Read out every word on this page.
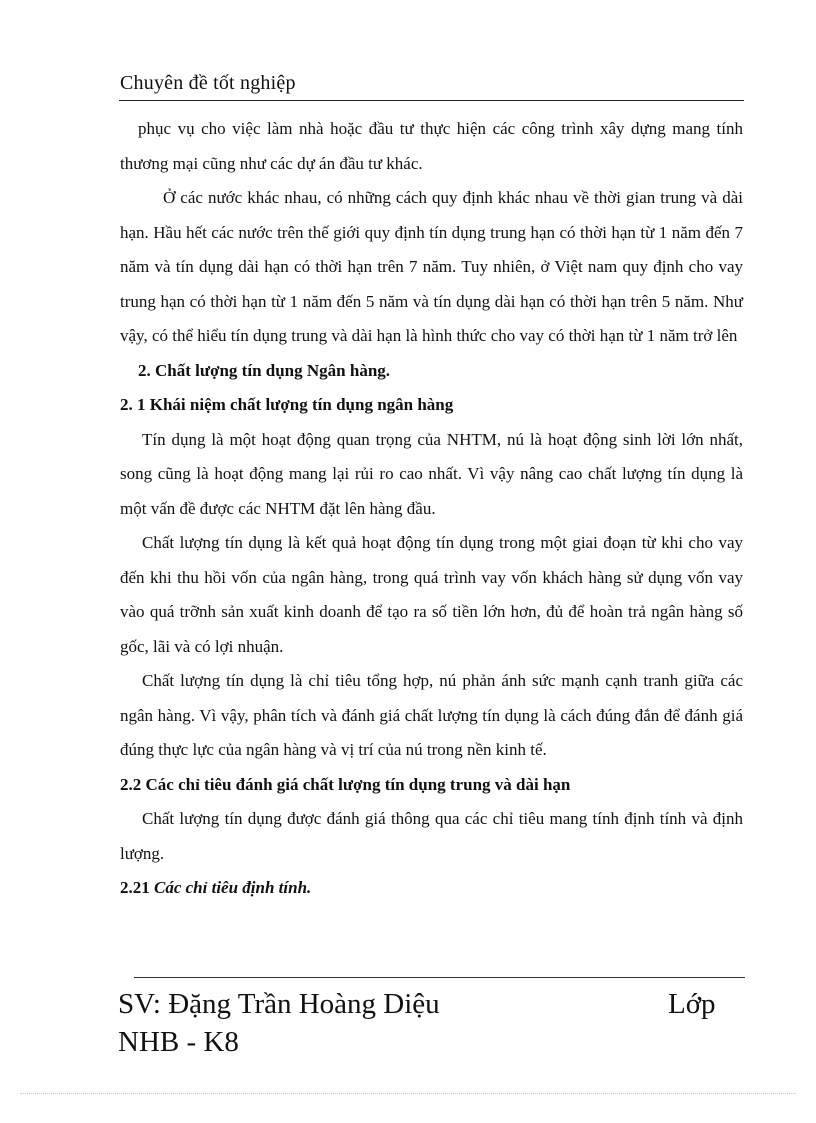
Chuyên đề tốt nghiệp

phục vụ cho việc làm nhà hoặc đầu tư thực hiện các công trình xây dựng mang tính thương mại cũng như các dự án đầu tư khác.

Ở các nước khác nhau, có những cách quy định khác nhau về thời gian trung và dài hạn. Hầu hết các nước trên thế giới quy định tín dụng trung hạn có thời hạn từ 1 năm đến 7 năm và tín dụng dài hạn có thời hạn trên 7 năm. Tuy nhiên, ở Việt nam quy định cho vay trung hạn có thời hạn từ 1 năm đến 5 năm và tín dụng dài hạn có thời hạn trên 5 năm. Như vậy, có thể hiểu tín dụng trung và dài hạn là hình thức cho vay có thời hạn từ 1 năm trở lên

2. Chất lượng tín dụng Ngân hàng.

2. 1 Khái niệm chất lượng tín dụng ngân hàng

Tín dụng là một hoạt động quan trọng của NHTM, nú là hoạt động sinh lời lớn nhất, song cũng là hoạt động mang lại rủi ro cao nhất. Vì vậy nâng cao chất lượng tín dụng là một vấn đề được các NHTM đặt lên hàng đầu.

Chất lượng tín dụng là kết quả hoạt động tín dụng trong một giai đoạn từ khi cho vay đến khi thu hồi vốn của ngân hàng, trong quá trình vay vốn khách hàng sử dụng vốn vay vào quá trỡnh sản xuất kinh doanh để tạo ra số tiền lớn hơn, đủ để hoàn trả ngân hàng số gốc, lãi và có lợi nhuận.

Chất lượng tín dụng là chỉ tiêu tổng hợp, nú phản ánh sức mạnh cạnh tranh giữa các ngân hàng. Vì vậy, phân tích và đánh giá chất lượng tín dụng là cách đúng đắn để đánh giá đúng thực lực của ngân hàng và vị trí của nú trong nền kinh tế.

2.2 Các chỉ tiêu đánh giá chất lượng tín dụng trung và dài hạn

Chất lượng tín dụng được đánh giá thông qua các chỉ tiêu mang tính định tính và định lượng.

2.21 Các chỉ tiêu định tính.

SV: Đặng Trần Hoàng Diệu	Lớp
NHB - K8
